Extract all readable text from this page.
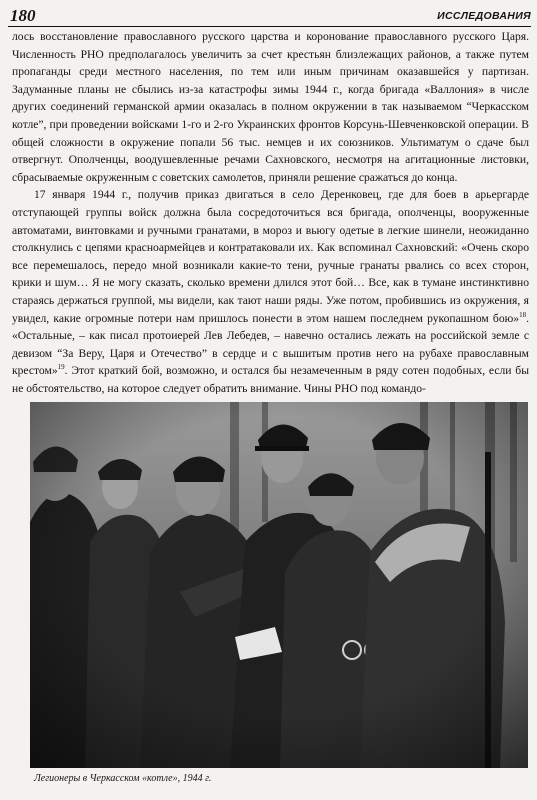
180	ИССЛЕДОВАНИЯ

лось восстановление православного русского царства и коронование православного русского Царя. Численность РНО предполагалось увеличить за счет крестьян близлежащих районов, а также путем пропаганды среди местного населения, по тем или иным причинам оказавшейся у партизан. Задуманные планы не сбылись из-за катастрофы зимы 1944 г., когда бригада «Валлония» в числе других соединений германской армии оказалась в полном окружении в так называемом “Черкасском котле”, при проведении войсками 1-го и 2-го Украинских фронтов Корсунь-Шевченковской операции. В общей сложности в окружение попали 56 тыс. немцев и их союзников. Ультиматум о сдаче был отвергнут. Ополченцы, воодушевленные речами Сахновского, несмотря на агитационные листовки, сбрасываемые окруженным с советских самолетов, приняли решение сражаться до конца.

17 января 1944 г., получив приказ двигаться в село Деренковец, где для боев в арьергарде отступающей группы войск должна была сосредоточиться вся бригада, ополченцы, вооруженные автоматами, винтовками и ручными гранатами, в мороз и вьюгу одетые в легкие шинели, неожиданно столкнулись с цепями красноармейцев и контратаковали их. Как вспоминал Сахновский: «Очень скоро все перемешалось, передо мной возникали какие-то тени, ручные гранаты рвались со всех сторон, крики и шум… Я не могу сказать, сколько времени длился этот бой… Все, как в тумане инстинктивно стараясь держаться группой, мы видели, как тают наши ряды. Уже потом, пробившись из окружения, я увидел, какие огромные потери нам пришлось понести в этом нашем последнем рукопашном бою»$^{18}$. «Остальные, – как писал протоиерей Лев Лебедев, – навечно остались лежать на российской земле с девизом “За Веру, Царя и Отечество” в сердце и с вышитым против него на рубахе православным крестом»$^{19}$. Этот краткий бой, возможно, и остался бы незамеченным в ряду сотен подобных, если бы не обстоятельство, на которое следует обратить внимание. Чины РНО под командо-

Легионеры в Черкасском «котле», 1944 г.
